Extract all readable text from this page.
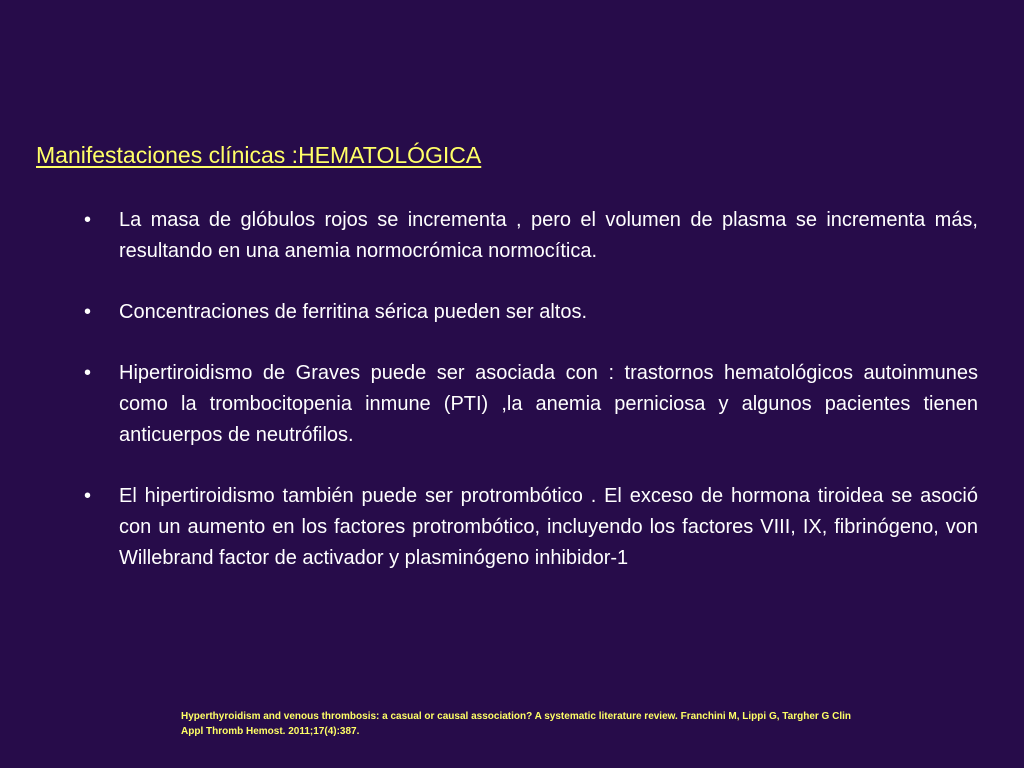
Manifestaciones clínicas :HEMATOLÓGICA
•	La masa de glóbulos rojos se incrementa , pero el volumen de plasma se incrementa más, resultando en una anemia normocrómica normocítica.
•	Concentraciones de ferritina sérica pueden ser altos.
•	Hipertiroidismo de Graves puede ser asociada con : trastornos hematológicos autoinmunes como la trombocitopenia inmune (PTI) ,la anemia perniciosa y algunos pacientes tienen anticuerpos de neutrófilos.
•	El hipertiroidismo también puede ser protrombótico . El exceso de hormona tiroidea se asoció con un aumento en los factores protrombótico, incluyendo los factores VIII, IX, fibrinógeno, von Willebrand factor de activador y plasminógeno inhibidor-1
Hyperthyroidism and venous thrombosis: a casual or causal association? A systematic literature review. Franchini M, Lippi G, Targher G Clin
Appl Thromb Hemost. 2011;17(4):387.
